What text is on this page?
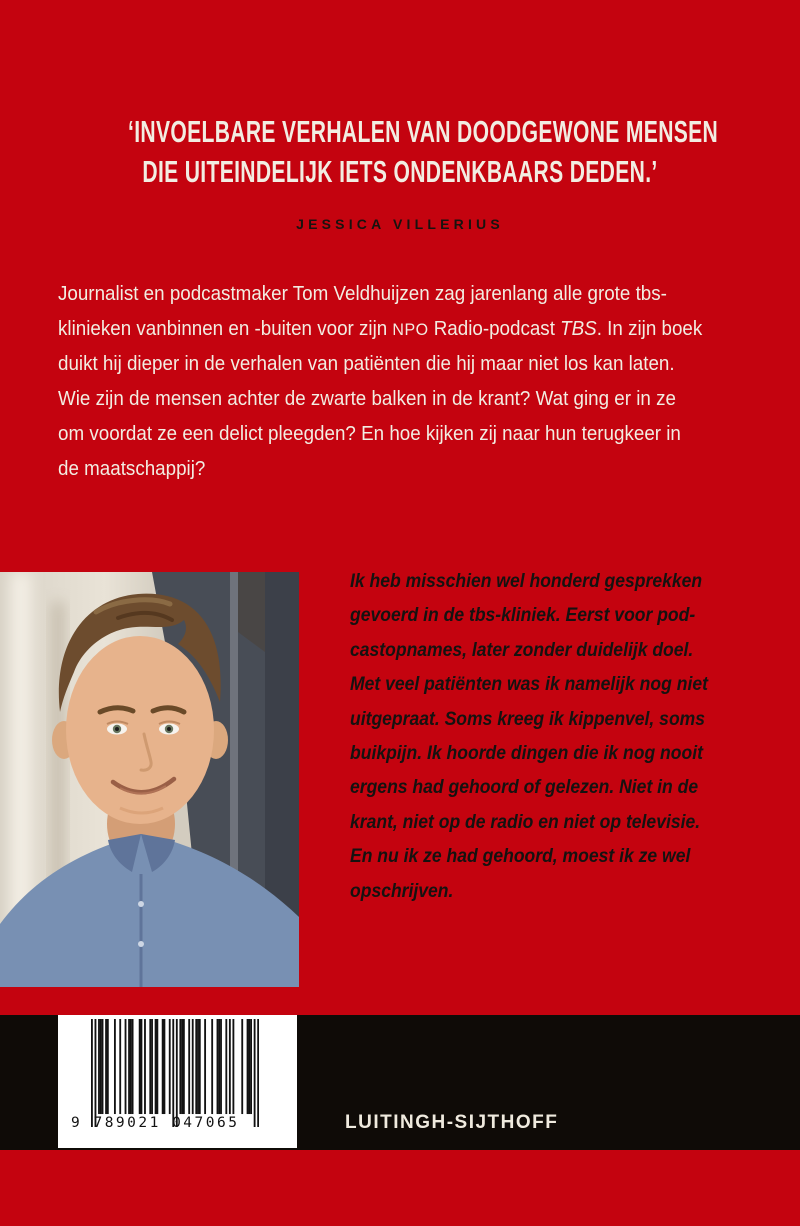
‘INVOELBARE VERHALEN VAN DOODGEWONE MENSEN
DIE UITEINDELIJK IETS ONDENKBAARS DEDEN.’
JESSICA VILLERIUS
Journalist en podcastmaker Tom Veldhuijzen zag jarenlang alle grote tbs-
klinieken vanbinnen en -buiten voor zijn NPO Radio-podcast TBS. In zijn boek
duikt hij dieper in de verhalen van patiënten die hij maar niet los kan laten.
Wie zijn de mensen achter de zwarte balken in de krant? Wat ging er in ze
om voordat ze een delict pleegden? En hoe kijken zij naar hun terugkeer in
de maatschappij?
Ik heb misschien wel honderd gesprekken
gevoerd in de tbs-kliniek. Eerst voor pod-
castopnames, later zonder duidelijk doel.
Met veel patiënten was ik namelijk nog niet
uitgepraat. Soms kreeg ik kippenvel, soms
buikpijn. Ik hoorde dingen die ik nog nooit
ergens had gehoord of gelezen. Niet in de
krant, niet op de radio en niet op televisie.
En nu ik ze had gehoord, moest ik ze wel
opschrijven.
9 789021 047065	LUITINGH-SIJTHOFF
